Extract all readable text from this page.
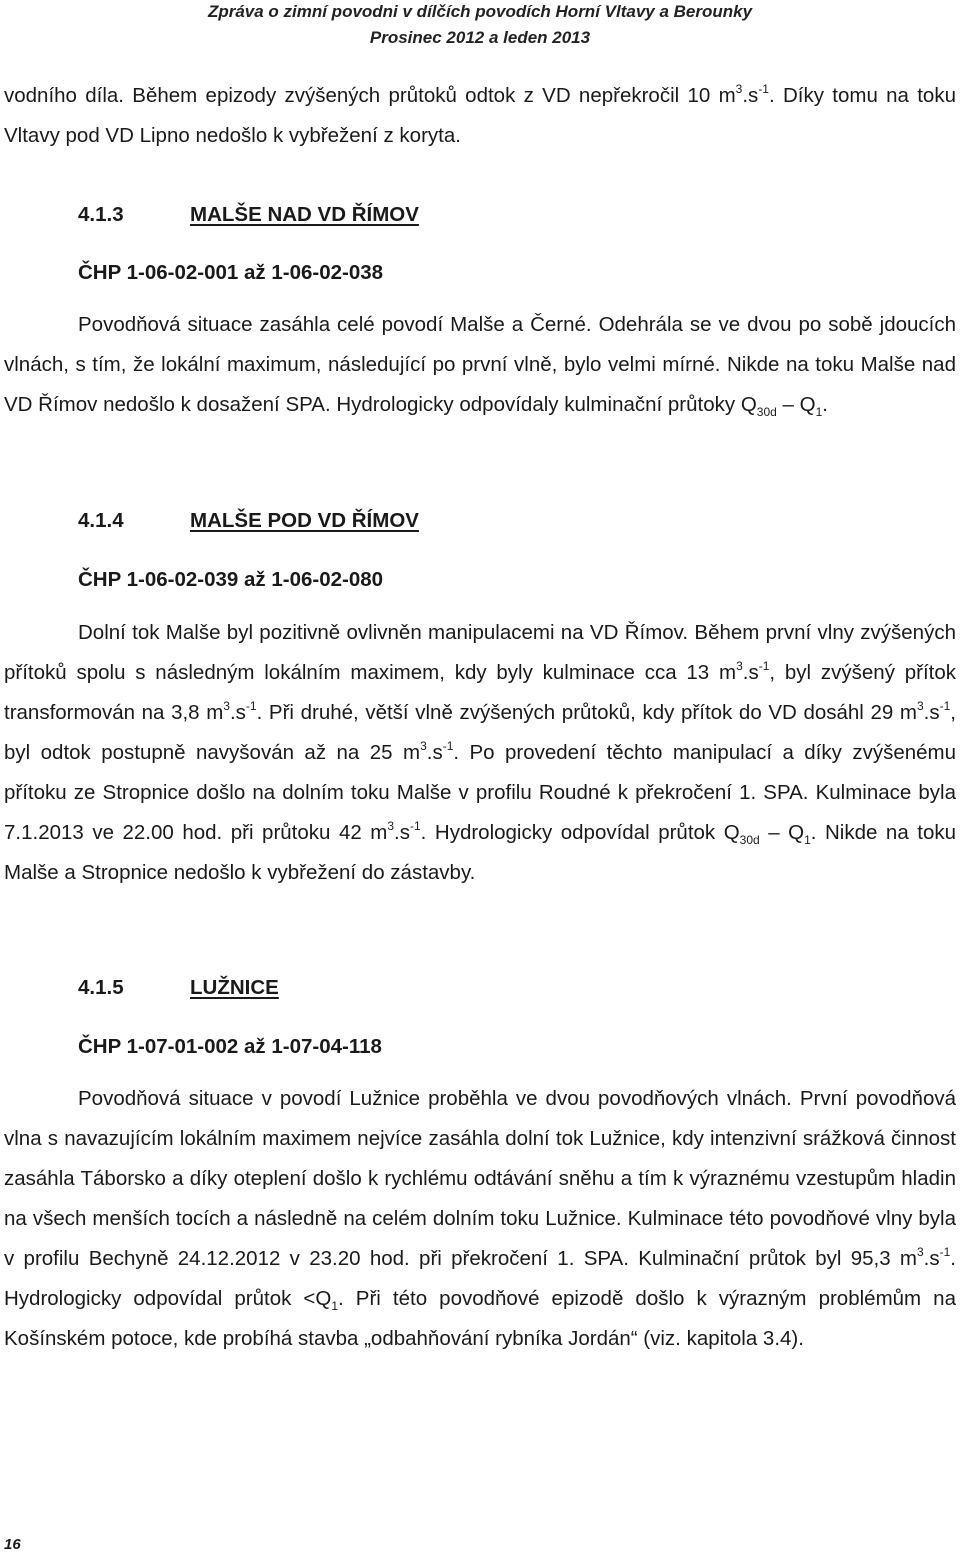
Zpráva o zimní povodni v dílčích povodích Horní Vltavy a Berounky
Prosinec 2012 a leden 2013

vodního díla. Během epizody zvýšených průtoků odtok z VD nepřekročil 10 $m^3.s^{-1}$. Díky tomu na toku Vltavy pod VD Lipno nedošlo k vybřežení z koryta.

4.1.3	MALŠE NAD VD ŘÍMOV
ČHP 1-06-02-001 až 1-06-02-038

Povodňová situace zasáhla celé povodí Malše a Černé. Odehrála se ve dvou po sobě jdoucích vlnách, s tím, že lokální maximum, následující po první vlně, bylo velmi mírné. Nikde na toku Malše nad VD Římov nedošlo k dosažení SPA. Hydrologicky odpovídaly kulminační průtoky $Q_{30d} - Q_1$.

4.1.4	MALŠE POD VD ŘÍMOV
ČHP 1-06-02-039 až 1-06-02-080

Dolní tok Malše byl pozitivně ovlivněn manipulacemi na VD Římov. Během první vlny zvýšených přítoků spolu s následným lokálním maximem, kdy byly kulminace cca 13 $m^3.s^{-1}$, byl zvýšený přítok transformován na 3,8 $m^3.s^{-1}$. Při druhé, větší vlně zvýšených průtoků, kdy přítok do VD dosáhl 29 $m^3.s^{-1}$, byl odtok postupně navyšován až na 25 $m^3.s^{-1}$. Po provedení těchto manipulací a díky zvýšenému přítoku ze Stropnice došlo na dolním toku Malše v profilu Roudné k překročení 1. SPA. Kulminace byla 7.1.2013 ve 22.00 hod. při průtoku 42 $m^3.s^{-1}$. Hydrologicky odpovídal průtok $Q_{30d} - Q_1$. Nikde na toku Malše a Stropnice nedošlo k vybřežení do zástavby.

4.1.5	LUŽNICE
ČHP 1-07-01-002 až 1-07-04-118

Povodňová situace v povodí Lužnice proběhla ve dvou povodňových vlnách. První povodňová vlna s navazujícím lokálním maximem nejvíce zasáhla dolní tok Lužnice, kdy intenzivní srážková činnost zasáhla Táborsko a díky oteplení došlo k rychlému odtávání sněhu a tím k výraznému vzestupům hladin na všech menších tocích a následně na celém dolním toku Lužnice. Kulminace této povodňové vlny byla v profilu Bechyně 24.12.2012 v 23.20 hod. při překročení 1. SPA. Kulminační průtok byl 95,3 $m^3.s^{-1}$. Hydrologicky odpovídal průtok $<Q_1$. Při této povodňové epizodě došlo k výrazným problémům na Košínském potoce, kde probíhá stavba „odbahňování rybníka Jordán“ (viz. kapitola 3.4).

16
